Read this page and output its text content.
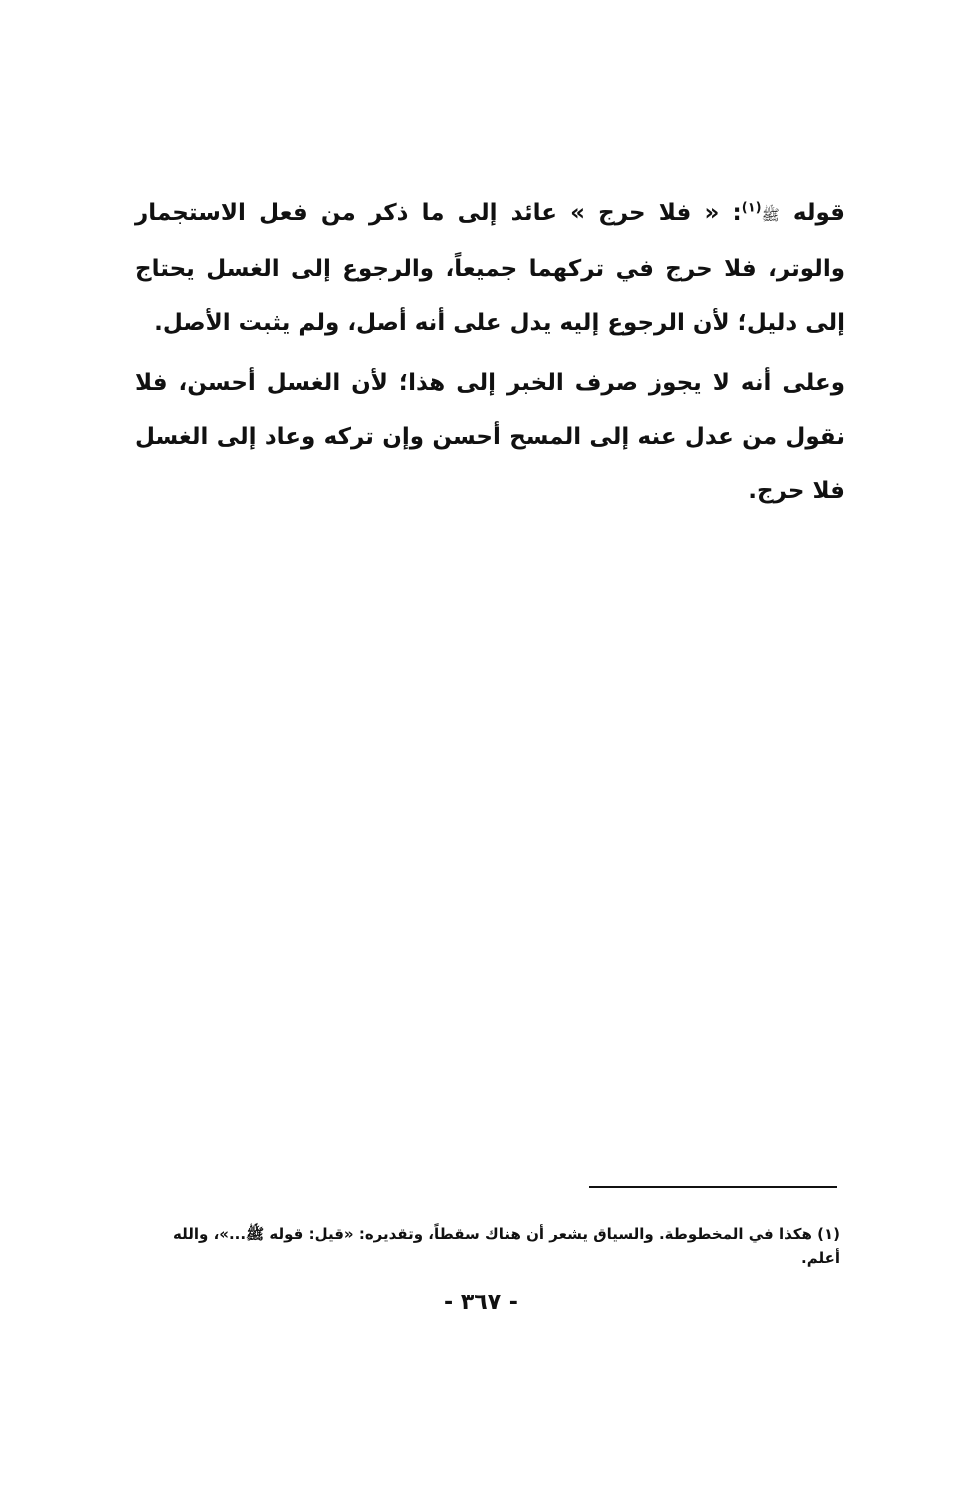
قوله ﷺ$^{(١)}$: « فلا حرج » عائد إلى ما ذكر من فعل الاستجمار والوتر، فلا حرج في تركهما جميعاً، والرجوع إلى الغسل يحتاج إلى دليل؛ لأن الرجوع إليه يدل على أنه أصل، ولم يثبت الأصل.

وعلى أنه لا يجوز صرف الخبر إلى هذا؛ لأن الغسل أحسن، فلا نقول من عدل عنه إلى المسح أحسن وإن تركه وعاد إلى الغسل فلا حرج.

(١) هكذا في المخطوطة. والسياق يشعر أن هناك سقطاً، وتقديره: «قيل: قوله ﷺ...»، والله أعلم.
- ٣٦٧ -
